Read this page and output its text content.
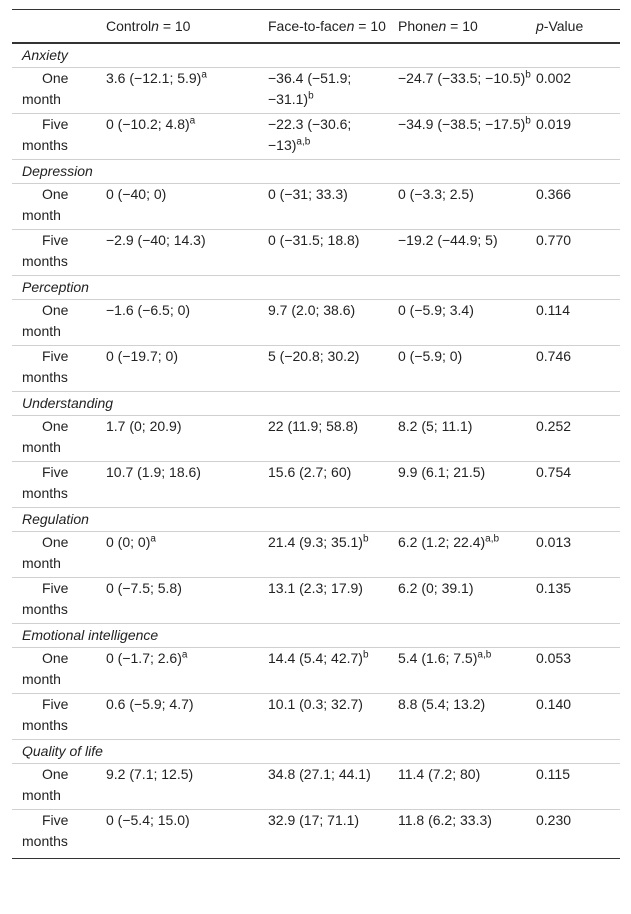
	Controln = 10	Face-to-facen = 10	Phonen = 10	p-Value
Anxiety				
One
month	3.6 (−12.1; 5.9)$^a$	−36.4 (−51.9; −31.1)$^b$	−24.7 (−33.5; −10.5)$^b$	0.002
Five
months	0 (−10.2; 4.8)$^a$	−22.3 (−30.6; −13)$^{a,b}$	−34.9 (−38.5; −17.5)$^b$	0.019
Depression				
One
month	0 (−40; 0)	0 (−31; 33.3)	0 (−3.3; 2.5)	0.366
Five
months	−2.9 (−40; 14.3)	0 (−31.5; 18.8)	−19.2 (−44.9; 5)	0.770
Perception				
One
month	−1.6 (−6.5; 0)	9.7 (2.0; 38.6)	0 (−5.9; 3.4)	0.114
Five
months	0 (−19.7; 0)	5 (−20.8; 30.2)	0 (−5.9; 0)	0.746
Understanding				
One
month	1.7 (0; 20.9)	22 (11.9; 58.8)	8.2 (5; 11.1)	0.252
Five
months	10.7 (1.9; 18.6)	15.6 (2.7; 60)	9.9 (6.1; 21.5)	0.754
Regulation				
One
month	0 (0; 0)$^a$	21.4 (9.3; 35.1)$^b$	6.2 (1.2; 22.4)$^{a,b}$	0.013
Five
months	0 (−7.5; 5.8)	13.1 (2.3; 17.9)	6.2 (0; 39.1)	0.135
Emotional intelligence				
One
month	0 (−1.7; 2.6)$^a$	14.4 (5.4; 42.7)$^b$	5.4 (1.6; 7.5)$^{a,b}$	0.053
Five
months	0.6 (−5.9; 4.7)	10.1 (0.3; 32.7)	8.8 (5.4; 13.2)	0.140
Quality of life				
One
month	9.2 (7.1; 12.5)	34.8 (27.1; 44.1)	11.4 (7.2; 80)	0.115
Five
months	0 (−5.4; 15.0)	32.9 (17; 71.1)	11.8 (6.2; 33.3)	0.230
